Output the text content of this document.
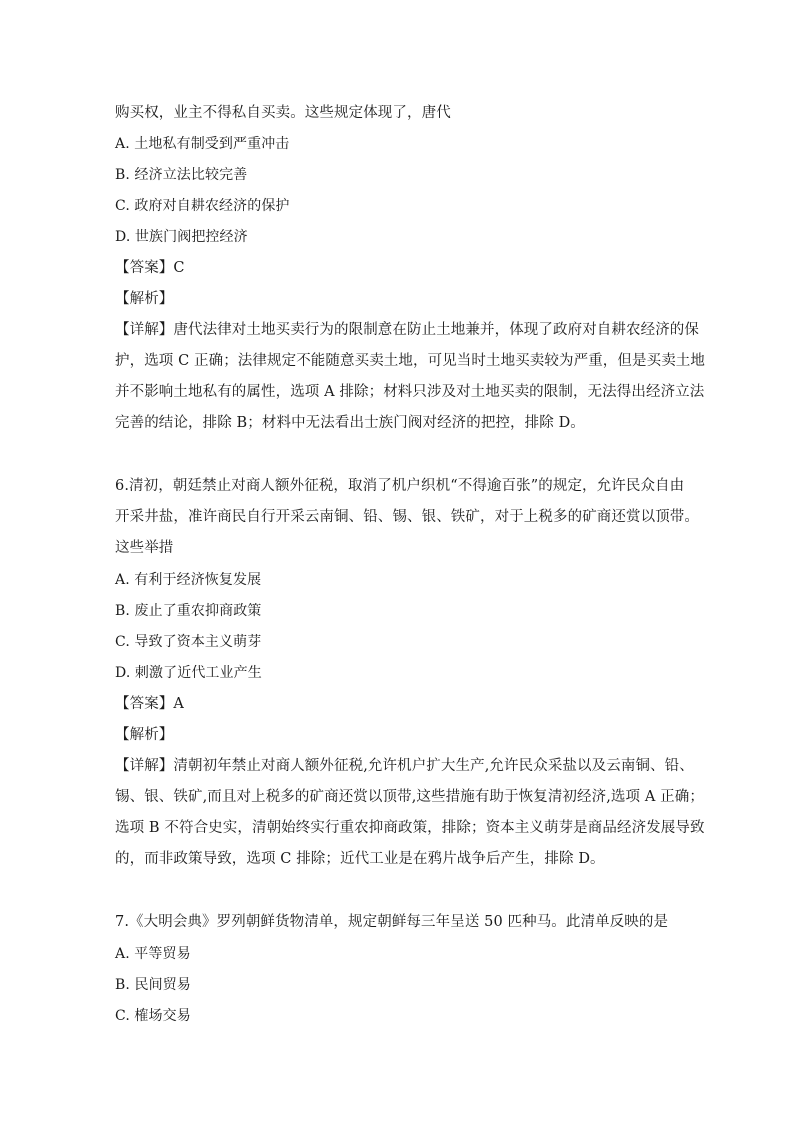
购买权，业主不得私自买卖。这些规定体现了，唐代
A. 土地私有制受到严重冲击
B. 经济立法比较完善
C. 政府对自耕农经济的保护
D. 世族门阀把控经济
【答案】C
【解析】
【详解】唐代法律对土地买卖行为的限制意在防止土地兼并，体现了政府对自耕农经济的保
护，选项 C 正确；法律规定不能随意买卖土地，可见当时土地买卖较为严重，但是买卖土地
并不影响土地私有的属性，选项 A 排除；材料只涉及对土地买卖的限制，无法得出经济立法
完善的结论，排除 B；材料中无法看出士族门阀对经济的把控，排除 D。
6.清初，朝廷禁止对商人额外征税，取消了机户织机“不得逾百张”的规定，允许民众自由
开采井盐，准许商民自行开采云南铜、铅、锡、银、铁矿，对于上税多的矿商还赏以顶带。
这些举措
A. 有利于经济恢复发展
B. 废止了重农抑商政策
C. 导致了资本主义萌芽
D. 刺激了近代工业产生
【答案】A
【解析】
【详解】清朝初年禁止对商人额外征税,允许机户扩大生产,允许民众采盐以及云南铜、铅、
锡、银、铁矿,而且对上税多的矿商还赏以顶带,这些措施有助于恢复清初经济,选项 A 正确；
选项 B 不符合史实，清朝始终实行重农抑商政策，排除；资本主义萌芽是商品经济发展导致
的，而非政策导致，选项 C 排除；近代工业是在鸦片战争后产生，排除 D。
7.《大明会典》罗列朝鲜货物清单，规定朝鲜每三年呈送 50 匹种马。此清单反映的是
A. 平等贸易
B. 民间贸易
C. 榷场交易
